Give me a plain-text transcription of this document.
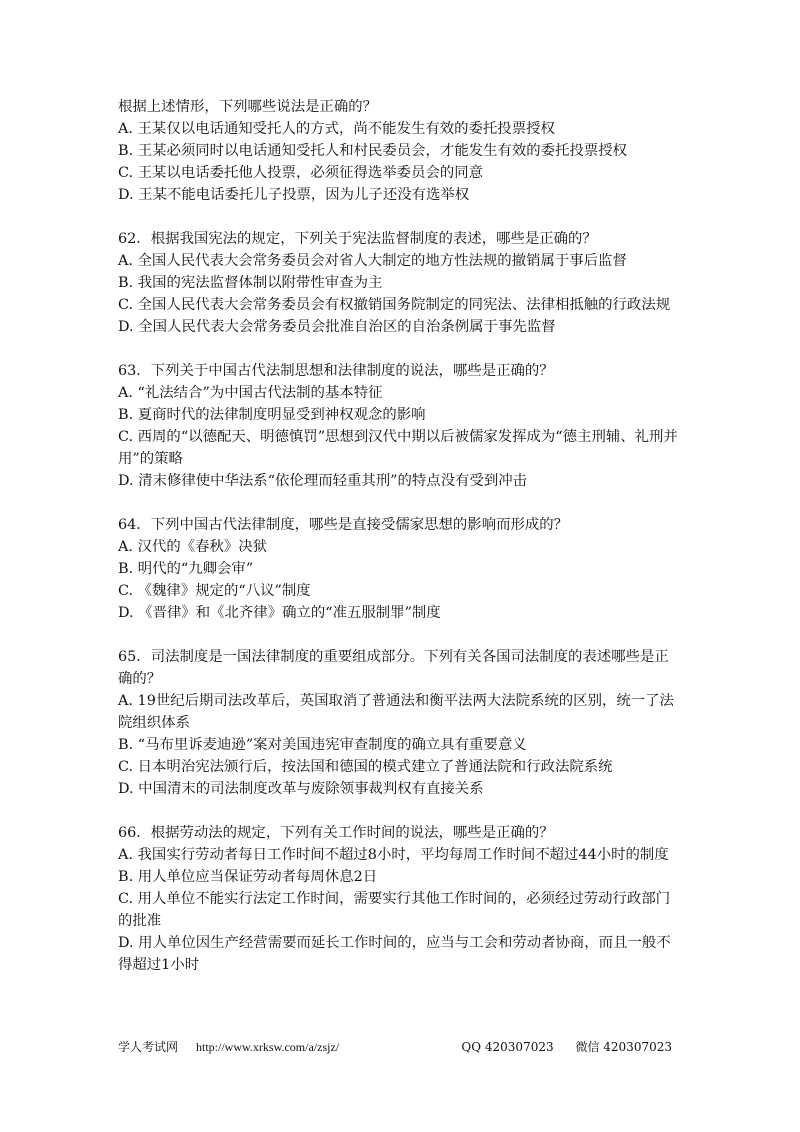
根据上述情形，下列哪些说法是正确的？

A. 王某仅以电话通知受托人的方式，尚不能发生有效的委托投票授权

B. 王某必须同时以电话通知受托人和村民委员会，才能发生有效的委托投票授权

C. 王某以电话委托他人投票，必须征得选举委员会的同意

D. 王某不能电话委托儿子投票，因为儿子还没有选举权

62．根据我国宪法的规定，下列关于宪法监督制度的表述，哪些是正确的？

A. 全国人民代表大会常务委员会对省人大制定的地方性法规的撤销属于事后监督

B. 我国的宪法监督体制以附带性审查为主

C. 全国人民代表大会常务委员会有权撤销国务院制定的同宪法、法律相抵触的行政法规

D. 全国人民代表大会常务委员会批准自治区的自治条例属于事先监督

63．下列关于中国古代法制思想和法律制度的说法，哪些是正确的？

A. “礼法结合”为中国古代法制的基本特征

B. 夏商时代的法律制度明显受到神权观念的影响

C. 西周的“以德配天、明德慎罚”思想到汉代中期以后被儒家发挥成为“德主刑辅、礼刑并用”的策略

D. 清末修律使中华法系“依伦理而轻重其刑”的特点没有受到冲击

64．下列中国古代法律制度，哪些是直接受儒家思想的影响而形成的？

A. 汉代的《春秋》决狱

B. 明代的“九卿会审”

C. 《魏律》规定的“八议”制度

D. 《晋律》和《北齐律》确立的“准五服制罪”制度

65．司法制度是一国法律制度的重要组成部分。下列有关各国司法制度的表述哪些是正确的？

A. 19世纪后期司法改革后，英国取消了普通法和衡平法两大法院系统的区别，统一了法院组织体系

B. “马布里诉麦迪逊”案对美国违宪审查制度的确立具有重要意义

C. 日本明治宪法颁行后，按法国和德国的模式建立了普通法院和行政法院系统

D. 中国清末的司法制度改革与废除领事裁判权有直接关系

66．根据劳动法的规定，下列有关工作时间的说法，哪些是正确的？

A. 我国实行劳动者每日工作时间不超过8小时，平均每周工作时间不超过44小时的制度

B. 用人单位应当保证劳动者每周休息2日

C. 用人单位不能实行法定工作时间，需要实行其他工作时间的，必须经过劳动行政部门的批准

D. 用人单位因生产经营需要而延长工作时间的，应当与工会和劳动者协商，而且一般不得超过1小时

学人考试网 http://www.xrksw.com/a/zsjz/	QQ 420307023 微信 420307023
